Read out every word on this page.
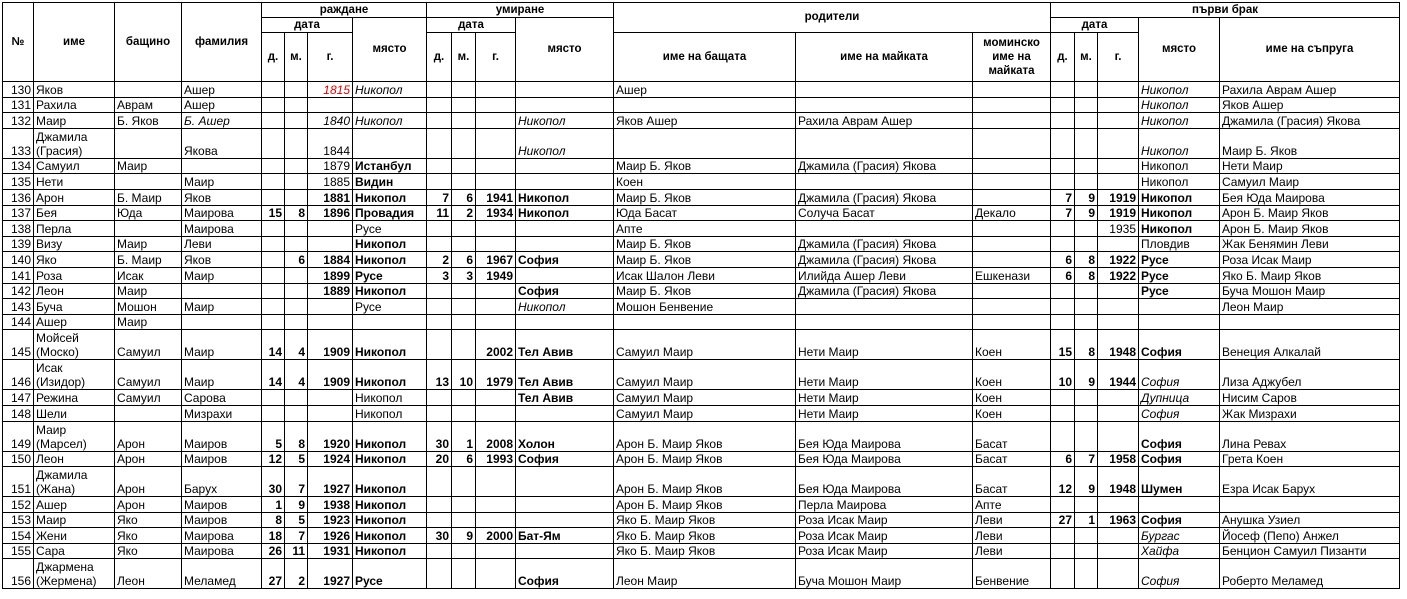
№	име	бащино	фамилия	раждане				умиране				родители			първи брак				
				дата			място	дата			място				дата			място	име на съпруга
				д.	м.	г.		д.	м.	г.		име на бащата	име на майката	моминско име на майката	д.	м.	г.		
130	Яков		Ашер			1815	Никопол					Ашер						Никопол	Рахила Аврам Ашер
131	Рахила	Аврам	Ашер															Никопол	Яков Ашер
132	Маир	Б. Яков	Б. Ашер			1840	Никопол				Никопол	Яков Ашер	Рахила Аврам Ашер					Никопол	Джамила (Грасия) Яковa
133	Джамила (Грасия)		Якова			1844					Никопол							Никопол	Маир Б. Яков
134	Самуил	Маир				1879	Истанбул					Маир Б. Яков	Джамила (Грасия) Якова					Никопол	Нети Маир
135	Нети		Маир			1885	Видин					Коен						Никопол	Самуил Маир
136	Арон	Б. Маир	Яков			1881	Никопол	7	6	1941	Никопол	Маир Б. Яков	Джамила (Грасия) Якова		7	9	1919	Никопол	Бея Юда Маирова
137	Бея	Юда	Маирова	15	8	1896	Провадия	11	2	1934	Никопол	Юда Басат	Солуча Басат	Декало	7	9	1919	Никопол	Арон Б. Маир Яков
138	Перла		Маирова				Русе					Апте					1935	Никопол	Арон Б. Маир Яков
139	Визу	Маир	Леви				Никопол					Маир Б. Яков	Джамила (Грасия) Якова					Пловдив	Жак Бенямин Леви
140	Яко	Б. Маир	Яков		6	1884	Никопол	2	6	1967	София	Маир Б. Яков	Джамила (Грасия) Якова		6	8	1922	Русе	Роза Исак Маир
141	Роза	Исак	Маир			1899	Русе	3	3	1949		Исак Шалон Леви	Илийда Ашер Леви	Ешкенази	6	8	1922	Русе	Яко Б. Маир Яков
142	Леон	Маир				1889	Никопол				София	Маир Б. Яков	Джамила (Грасия) Якова					Русе	Буча Мошон Маир
143	Буча	Мошон	Маир				Русе				Никопол	Мошон Бенвение							Леон Маир
144	Ашер	Маир																	
145	Мойсей (Моско)	Самуил	Маир	14	4	1909	Никопол			2002	Тел Авив	Самуил Маир	Нети Маир	Коен	15	8	1948	София	Венеция Алкалай
146	Исак (Изидор)	Самуил	Маир	14	4	1909	Никопол	13	10	1979	Тел Авив	Самуил Маир	Нети Маир	Коен	10	9	1944	София	Лиза Аджубел
147	Режина	Самуил	Сарова				Никопол				Тел Авив	Самуил Маир	Нети Маир	Коен				Дупница	Нисим Саров
148	Шели		Мизрахи				Никопол					Самуил Маир	Нети Маир	Коен				София	Жак Мизрахи
149	Маир (Марсел)	Арон	Маиров	5	8	1920	Никопол	30	1	2008	Холон	Арон Б. Маир Яков	Бея Юда Маирова	Басат				София	Лина Ревах
150	Леон	Арон	Маиров	12	5	1924	Никопол	20	6	1993	София	Арон Б. Маир Яков	Бея Юда Маирова	Басат	6	7	1958	София	Грета Коен
151	Джамила (Жана)	Арон	Барух	30	7	1927	Никопол					Арон Б. Маир Яков	Бея Юда Маирова	Басат	12	9	1948	Шумен	Езра Исак Барух
152	Ашер	Арон	Маиров	1	9	1938	Никопол					Арон Б. Маир Яков	Перла Маирова	Апте					
153	Маир	Яко	Маиров	8	5	1923	Никопол					Яко Б. Маир Яков	Роза Исак Маир	Леви	27	1	1963	София	Анушка Узиел
154	Жени	Яко	Маирова	18	7	1926	Никопол	30	9	2000	Бат-Ям	Яко Б. Маир Яков	Роза Исак Маир	Леви				Бургас	Йосеф (Пепо) Анжел
155	Сара	Яко	Маирова	26	11	1931	Никопол					Яко Б. Маир Яков	Роза Исак Маир	Леви				Хайфа	Бенцион Самуил Пизанти
156	Джармена (Жермена)	Леон	Меламед	27	2	1927	Русе				София	Леон Маир	Буча Мошон Маир	Бенвение				София	Роберто Меламед
